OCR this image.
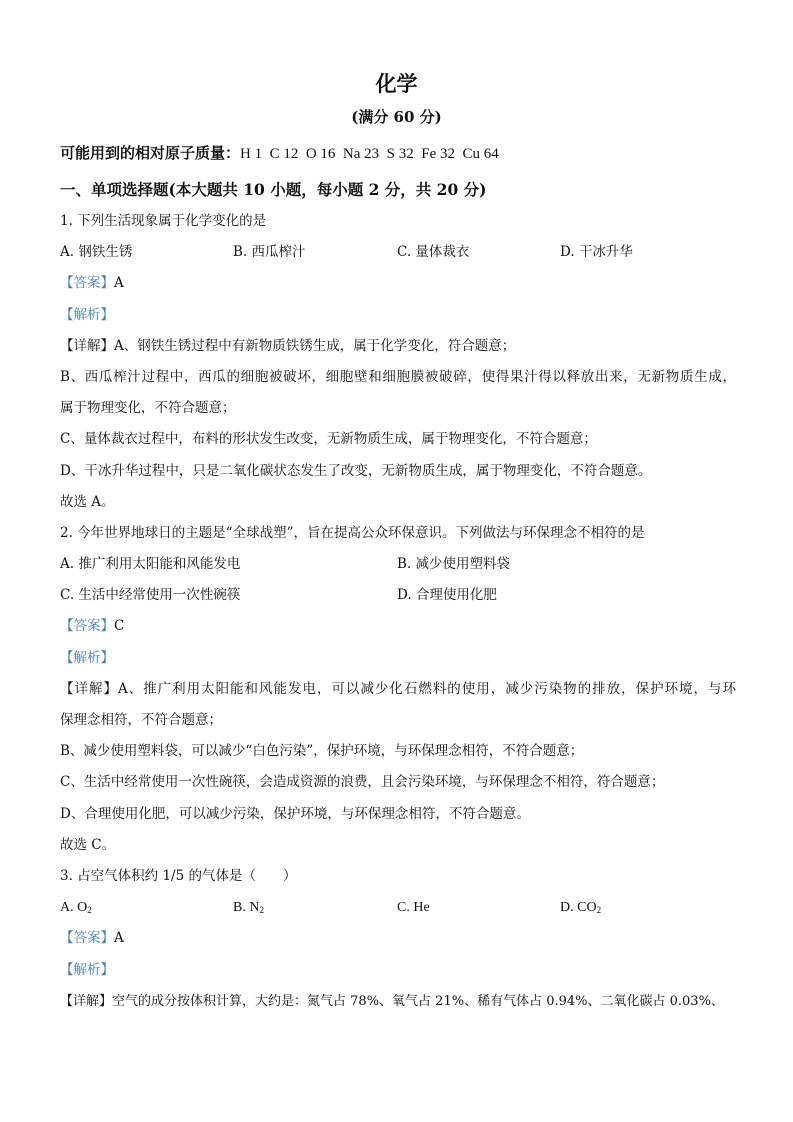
化学
(满分 60 分)
可能用到的相对原子质量：H 1  C 12  O 16  Na 23  S 32  Fe 32  Cu 64
一、单项选择题(本大题共 10 小题，每小题 2 分，共 20 分)
1. 下列生活现象属于化学变化的是
A. 钢铁生锈	B. 西瓜榨汁	C. 量体裁衣	D. 干冰升华
【答案】A
【解析】
【详解】A、钢铁生锈过程中有新物质铁锈生成，属于化学变化，符合题意；
B、西瓜榨汁过程中，西瓜的细胞被破坏，细胞壁和细胞膜被破碎，使得果汁得以释放出来，无新物质生成，
属于物理变化，不符合题意；
C、量体裁衣过程中，布料的形状发生改变，无新物质生成，属于物理变化，不符合题意；
D、干冰升华过程中，只是二氧化碳状态发生了改变，无新物质生成，属于物理变化，不符合题意。
故选 A。
2. 今年世界地球日的主题是“全球战塑”，旨在提高公众环保意识。下列做法与环保理念不相符的是
A. 推广利用太阳能和风能发电	B. 减少使用塑料袋
C. 生活中经常使用一次性碗筷	D. 合理使用化肥
【答案】C
【解析】
【详解】A、推广利用太阳能和风能发电，可以减少化石燃料的使用，减少污染物的排放，保护环境，与环
保理念相符，不符合题意；
B、减少使用塑料袋，可以减少“白色污染”，保护环境，与环保理念相符，不符合题意；
C、生活中经常使用一次性碗筷，会造成资源的浪费，且会污染环境，与环保理念不相符，符合题意；
D、合理使用化肥，可以减少污染，保护环境，与环保理念相符，不符合题意。
故选 C。
3. 占空气体积约 1/5 的气体是（　　）
A. $O_2$	B. $N_2$	C. He	D. $CO_2$
【答案】A
【解析】
【详解】空气的成分按体积计算，大约是：氮气占 78%、氧气占 21%、稀有气体占 0.94%、二氧化碳占 0.03%、
